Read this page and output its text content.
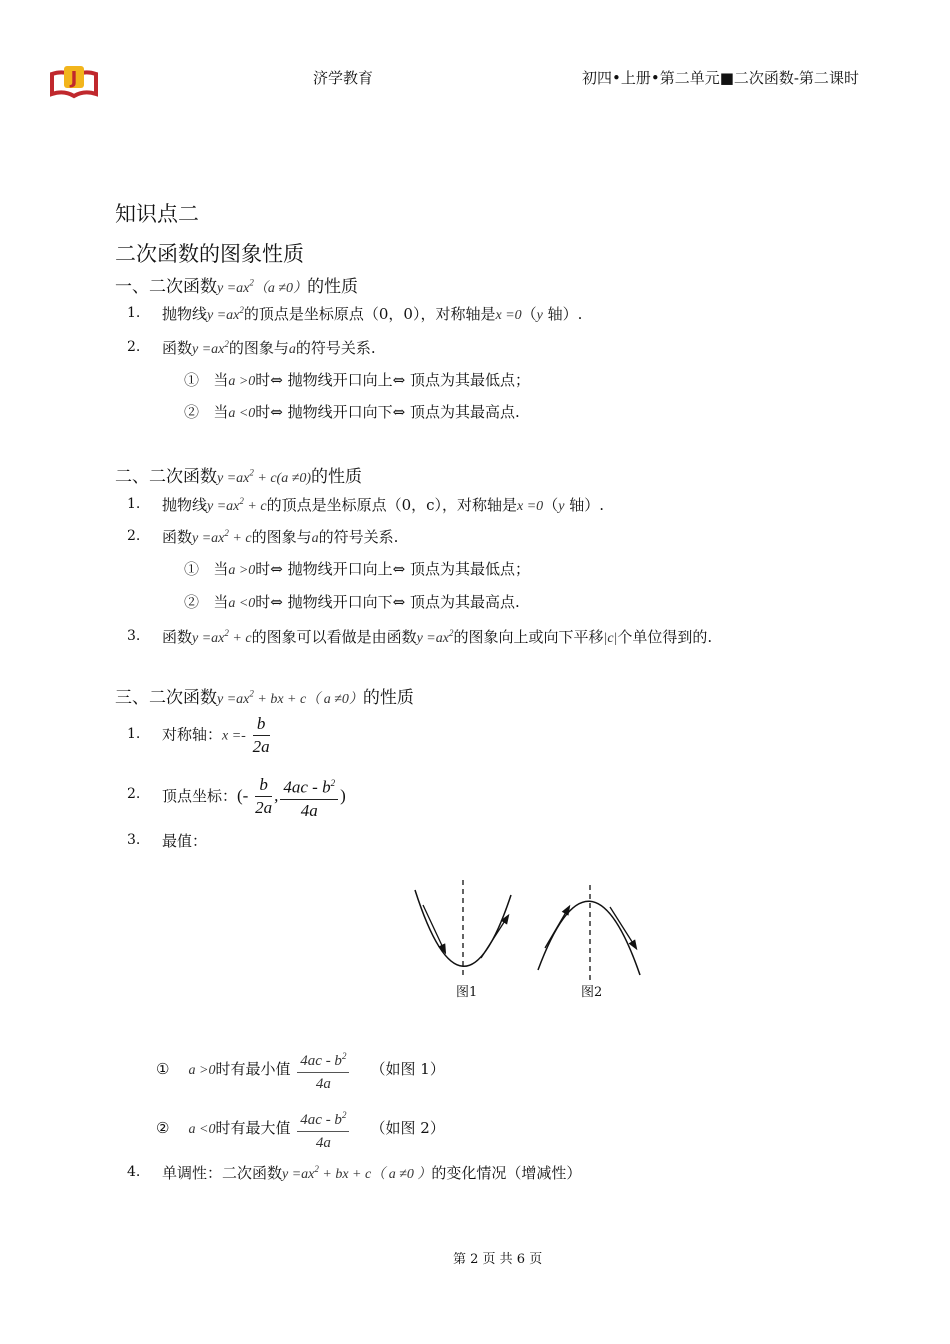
J	济学教育	初四•上册•第二单元■二次函数-第二课时
知识点二
二次函数的图象性质
一、二次函数$y =ax^2(a \ne 0)$的性质
1. 抛物线$y =ax^2$的顶点是坐标原点（0，0），对称轴是x =0（y 轴）.
2. 函数$y =ax^2$的图象与a的符号关系.
① 当a >0时⇔ 抛物线开口向上⇔ 顶点为其最低点；
② 当a <0时⇔ 抛物线开口向下⇔ 顶点为其最高点.
二、二次函数$y =ax^2 + c(a \ne 0)$的性质
1. 抛物线$y =ax^2 + c$的顶点是坐标原点（0，c），对称轴是x =0（y 轴）.
2. 函数$y =ax^2 + c$的图象与a的符号关系.
① 当a >0时⇔ 抛物线开口向上⇔ 顶点为其最低点；
② 当a <0时⇔ 抛物线开口向下⇔ 顶点为其最高点.
3. 函数$y =ax^2 + c$的图象可以看做是由函数$y =ax^2$的图象向上或向下平移|c|个单位得到的.
三、二次函数$y =ax^2$ + bx + c（ a ≠0）的性质
1. 对称轴：$x =- \frac{b}{2a}$
2. 顶点坐标：(- $\frac{b}{2a}$ , $\frac{4ac - b^2}{4a}$ )
3. 最值：
图1	图2
① a >0时有最小值 $\frac{4ac - b^2}{4a}$ （如图 1）
② a <0时有最大值 $\frac{4ac - b^2}{4a}$ （如图 2）
4. 单调性：二次函数$y =ax^2$ + bx + c（ a ≠0 ）的变化情况（增减性）
第 2 页 共 6 页
